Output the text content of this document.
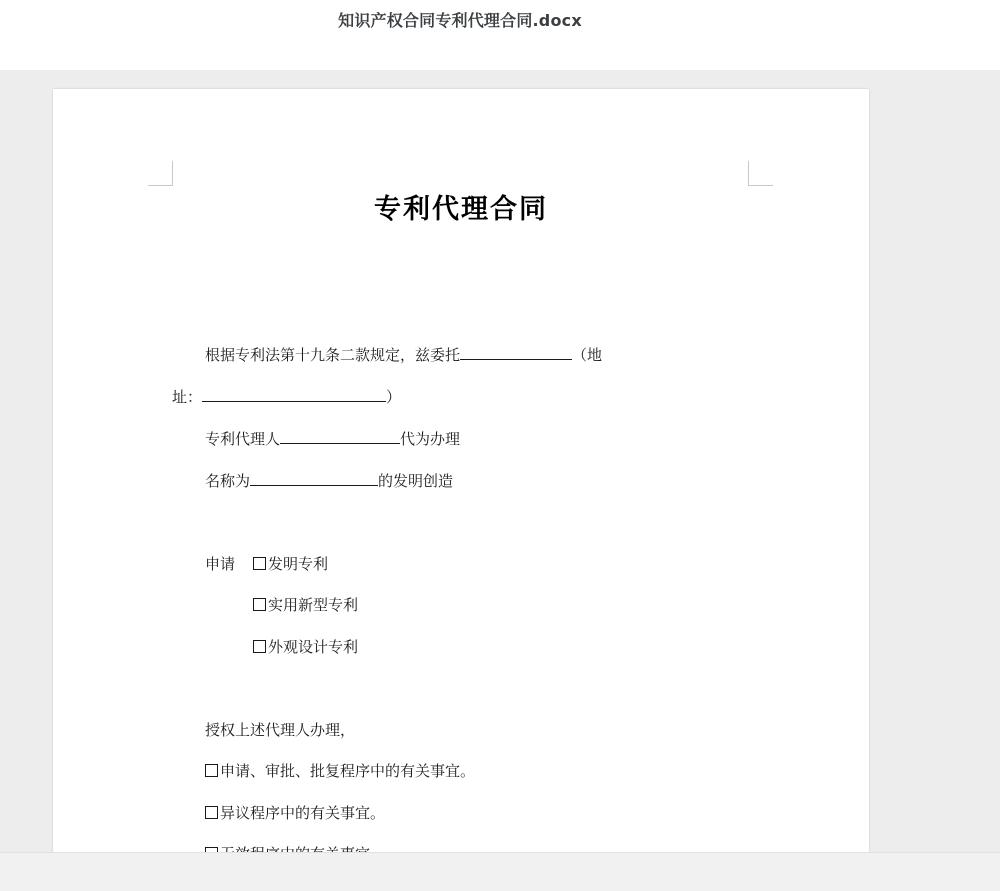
知识产权合同专利代理合同.docx
专利代理合同
根据专利法第十九条二款规定，兹委托	（地
址：	）
专利代理人	代为办理
名称为	的发明创造
申请	发明专利
实用新型专利
外观设计专利
授权上述代理人办理，
申请、审批、批复程序中的有关事宜。
异议程序中的有关事宜。
